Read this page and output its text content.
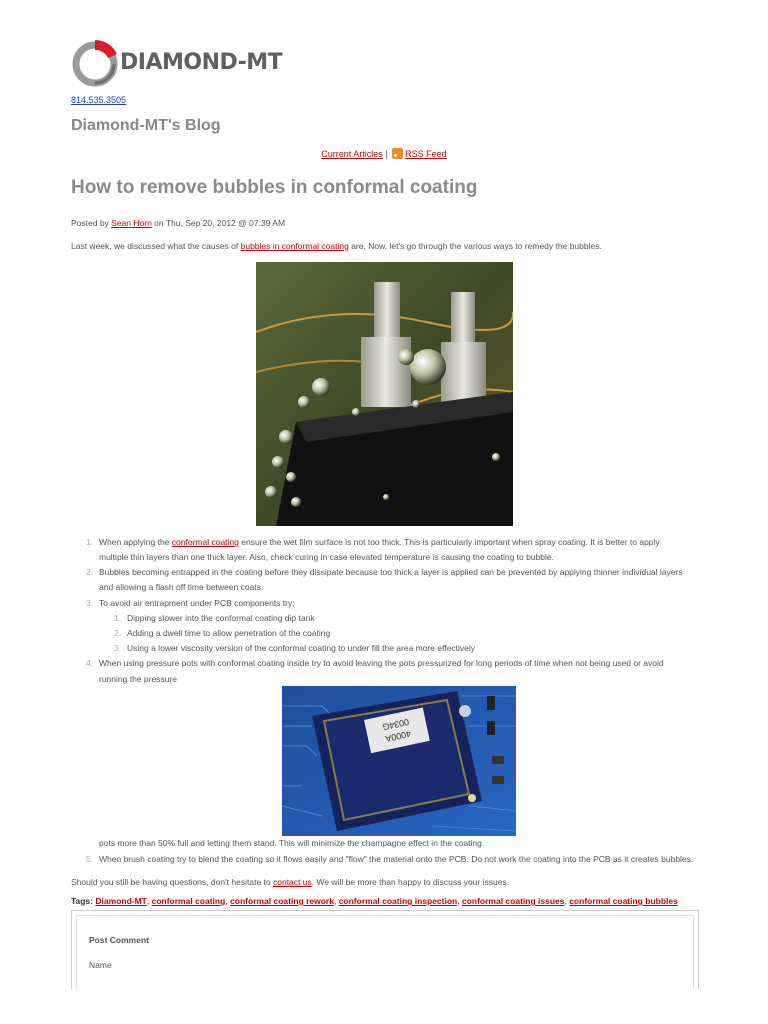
DIAMOND-MT
814.535.3505
Diamond-MT's Blog
Current Articles | RSS Feed
How to remove bubbles in conformal coating
Posted by Sean Horn on Thu, Sep 20, 2012 @ 07:39 AM
Last week, we discussed what the causes of bubbles in conformal coating are. Now, let's go through the various ways to remedy the bubbles.
1. When applying the conformal coating ensure the wet film surface is not too thick. This is particularly important when spray coating. It is better to apply
multiple thin layers than one thick layer. Also, check curing in case elevated temperature is causing the coating to bubble.
2. Bubbles becoming entrapped in the coating before they dissipate because too thick a layer is applied can be prevented by applying thinner individual layers
and allowing a flash off time between coats.
3. To avoid air entrapment under PCB components try:
1. Dipping slower into the conformal coating dip tank
2. Adding a dwell time to allow penetration of the coating
3. Using a lower viscosity version of the conformal coating to under fill the area more effectively
4. When using pressure pots with conformal coating inside try to avoid leaving the pots pressurized for long periods of time when not being used or avoid
running the pressure
0034G
4000A
pots more than 50% full and letting them stand. This will minimize the champagne effect in the coating.
5. When brush coating try to blend the coating so it flows easily and "flow" the material onto the PCB. Do not work the coating into the PCB as it creates bubbles.
Should you still be having questions, don't hesitate to contact us. We will be more than happy to discuss your issues.
Tags: Diamond-MT, conformal coating, conformal coating rework, conformal coating inspection, conformal coating issues, conformal coating bubbles
Post Comment
Name
